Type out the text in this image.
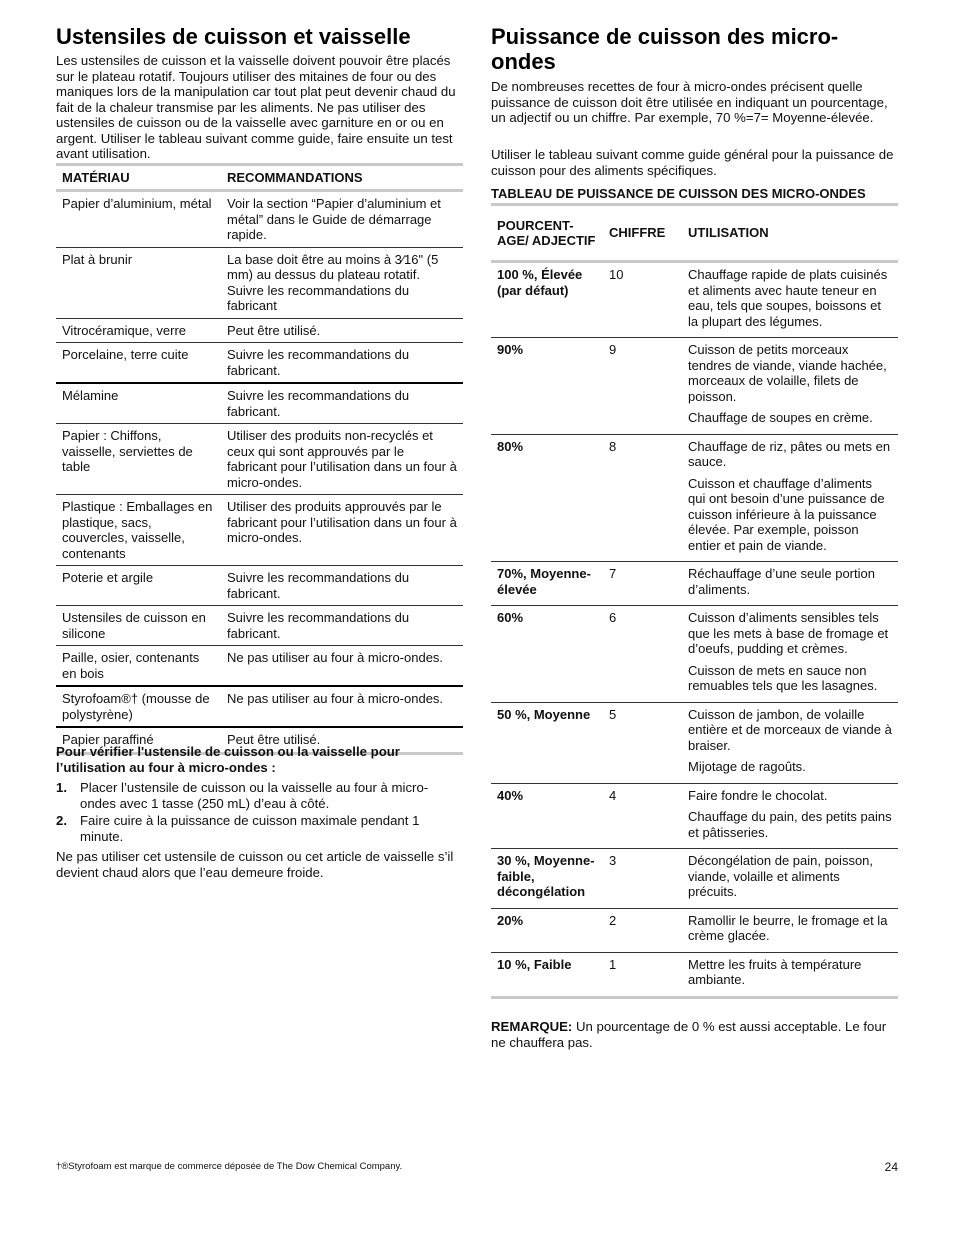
Ustensiles de cuisson et vaisselle

Les ustensiles de cuisson et la vaisselle doivent pouvoir être placés sur le plateau rotatif. Toujours utiliser des mitaines de four ou des maniques lors de la manipulation car tout plat peut devenir chaud du fait de la chaleur transmise par les aliments. Ne pas utiliser des ustensiles de cuisson ou de la vaisselle avec garniture en or ou en argent. Utiliser le tableau suivant comme guide, faire ensuite un test avant utilisation.

MATÉRIAU	RECOMMANDATIONS
Papier d’aluminium, métal	Voir la section “Papier d’aluminium et métal” dans le Guide de démarrage rapide.
Plat à brunir	La base doit être au moins à 3⁄16" (5 mm) au dessus du plateau rotatif. Suivre les recommandations du fabricant
Vitrocéramique, verre	Peut être utilisé.
Porcelaine, terre cuite	Suivre les recommandations du fabricant.
Mélamine	Suivre les recommandations du fabricant.
Papier : Chiffons, vaisselle, serviettes de table	Utiliser des produits non-recyclés et ceux qui sont approuvés par le fabricant pour l’utilisation dans un four à micro-ondes.
Plastique : Emballages en plastique, sacs, couvercles, vaisselle, contenants	Utiliser des produits approuvés par le fabricant pour l’utilisation dans un four à micro-ondes.
Poterie et argile	Suivre les recommandations du fabricant.
Ustensiles de cuisson en silicone	Suivre les recommandations du fabricant.
Paille, osier, contenants en bois	Ne pas utiliser au four à micro-ondes.
Styrofoam®† (mousse de polystyrène)	Ne pas utiliser au four à micro-ondes.
Papier paraffiné	Peut être utilisé.

Pour vérifier l'ustensile de cuisson ou la vaisselle pour l’utilisation au four à micro-ondes :

1. Placer l’ustensile de cuisson ou la vaisselle au four à micro-ondes avec 1 tasse (250 mL) d’eau à côté.
2. Faire cuire à la puissance de cuisson maximale pendant 1 minute.

Ne pas utiliser cet ustensile de cuisson ou cet article de vaisselle s’il devient chaud alors que l’eau demeure froide.

Puissance de cuisson des micro-ondes

De nombreuses recettes de four à micro-ondes précisent quelle puissance de cuisson doit être utilisée en indiquant un pourcentage, un adjectif ou un chiffre. Par exemple, 70 %=7= Moyenne-élevée.

Utiliser le tableau suivant comme guide général pour la puissance de cuisson pour des aliments spécifiques.

TABLEAU DE PUISSANCE DE CUISSON DES MICRO-ONDES

POURCENT-AGE/ ADJECTIF	CHIFFRE	UTILISATION
100 %, Élevée (par défaut)	10	Chauffage rapide de plats cuisinés et aliments avec haute teneur en eau, tels que soupes, boissons et la plupart des légumes.

90%	9	Cuisson de petits morceaux tendres de viande, viande hachée, morceaux de volaille, filets de poisson.
Chauffage de soupes en crème.

80%	8	Chauffage de riz, pâtes ou mets en sauce.
Cuisson et chauffage d’aliments qui ont besoin d’une puissance de cuisson inférieure à la puissance élevée. Par exemple, poisson entier et pain de viande.

70%, Moyenne-élevée	7	Réchauffage d’une seule portion d’aliments.

60%	6	Cuisson d’aliments sensibles tels que les mets à base de fromage et d’oeufs, pudding et crèmes.
Cuisson de mets en sauce non remuables tels que les lasagnes.

50 %, Moyenne	5	Cuisson de jambon, de volaille entière et de morceaux de viande à braiser.
Mijotage de ragoûts.

40%	4	Faire fondre le chocolat.
Chauffage du pain, des petits pains et pâtisseries.

30 %, Moyenne-faible, décongélation	3	Décongélation de pain, poisson, viande, volaille et aliments précuits.

20%	2	Ramollir le beurre, le fromage et la crème glacée.

10 %, Faible	1	Mettre les fruits à température ambiante.

REMARQUE: Un pourcentage de 0 % est aussi acceptable. Le four ne chauffera pas.

†®Styrofoam est marque de commerce déposée de The Dow Chemical Company.	24
